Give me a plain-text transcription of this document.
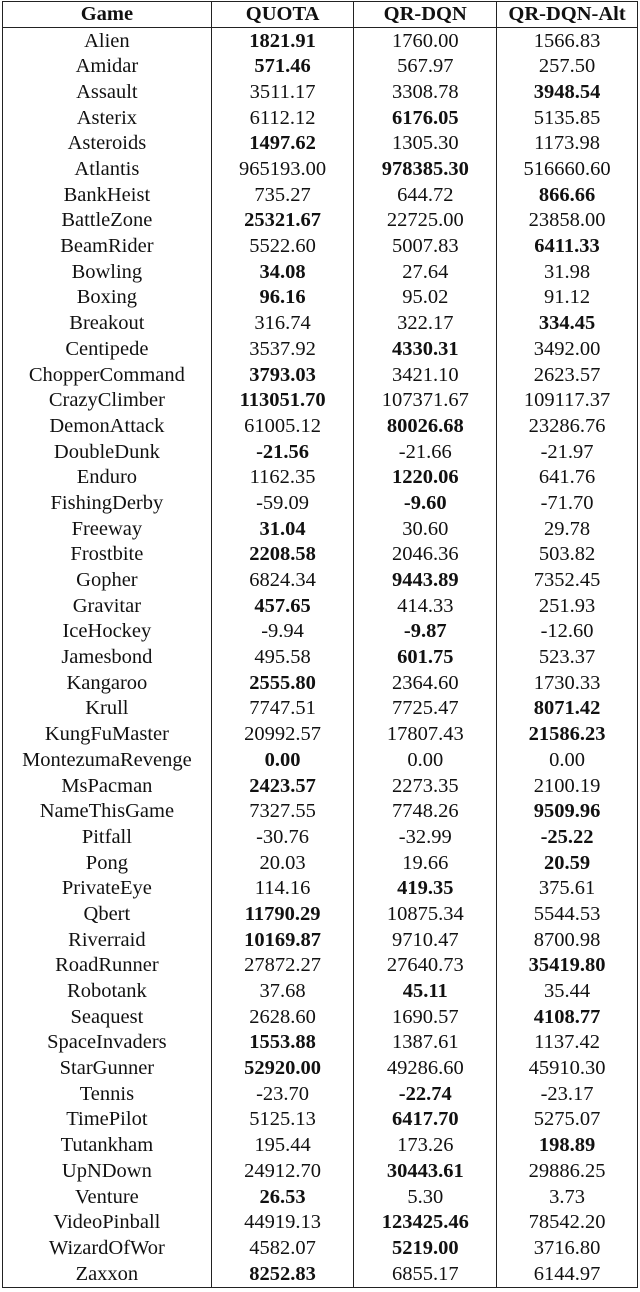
Game	QUOTA	QR-DQN	QR-DQN-Alt
Alien	1821.91	1760.00	1566.83
Amidar	571.46	567.97	257.50
Assault	3511.17	3308.78	3948.54
Asterix	6112.12	6176.05	5135.85
Asteroids	1497.62	1305.30	1173.98
Atlantis	965193.00	978385.30	516660.60
BankHeist	735.27	644.72	866.66
BattleZone	25321.67	22725.00	23858.00
BeamRider	5522.60	5007.83	6411.33
Bowling	34.08	27.64	31.98
Boxing	96.16	95.02	91.12
Breakout	316.74	322.17	334.45
Centipede	3537.92	4330.31	3492.00
ChopperCommand	3793.03	3421.10	2623.57
CrazyClimber	113051.70	107371.67	109117.37
DemonAttack	61005.12	80026.68	23286.76
DoubleDunk	-21.56	-21.66	-21.97
Enduro	1162.35	1220.06	641.76
FishingDerby	-59.09	-9.60	-71.70
Freeway	31.04	30.60	29.78
Frostbite	2208.58	2046.36	503.82
Gopher	6824.34	9443.89	7352.45
Gravitar	457.65	414.33	251.93
IceHockey	-9.94	-9.87	-12.60
Jamesbond	495.58	601.75	523.37
Kangaroo	2555.80	2364.60	1730.33
Krull	7747.51	7725.47	8071.42
KungFuMaster	20992.57	17807.43	21586.23
MontezumaRevenge	0.00	0.00	0.00
MsPacman	2423.57	2273.35	2100.19
NameThisGame	7327.55	7748.26	9509.96
Pitfall	-30.76	-32.99	-25.22
Pong	20.03	19.66	20.59
PrivateEye	114.16	419.35	375.61
Qbert	11790.29	10875.34	5544.53
Riverraid	10169.87	9710.47	8700.98
RoadRunner	27872.27	27640.73	35419.80
Robotank	37.68	45.11	35.44
Seaquest	2628.60	1690.57	4108.77
SpaceInvaders	1553.88	1387.61	1137.42
StarGunner	52920.00	49286.60	45910.30
Tennis	-23.70	-22.74	-23.17
TimePilot	5125.13	6417.70	5275.07
Tutankham	195.44	173.26	198.89
UpNDown	24912.70	30443.61	29886.25
Venture	26.53	5.30	3.73
VideoPinball	44919.13	123425.46	78542.20
WizardOfWor	4582.07	5219.00	3716.80
Zaxxon	8252.83	6855.17	6144.97
